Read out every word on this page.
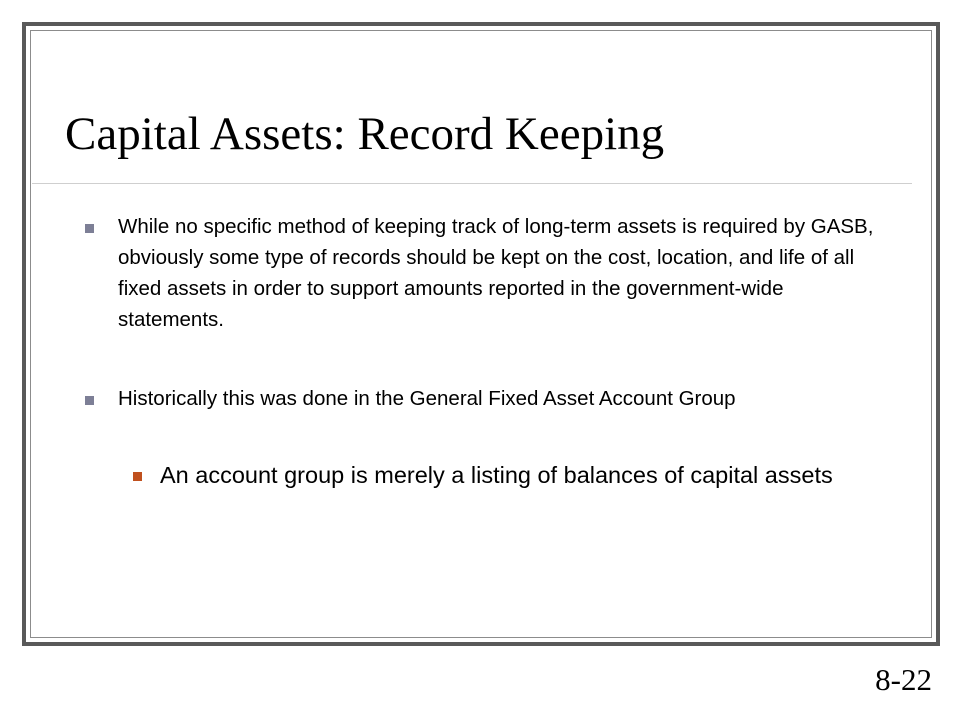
Capital Assets: Record Keeping
While no specific method of keeping track of long-term assets is required by GASB, obviously some type of records should be kept on the cost, location, and life of all fixed assets in order to support amounts reported in the government-wide statements.
Historically this was done in the General Fixed Asset Account Group
An account group is merely a listing of balances of capital assets
8-22
